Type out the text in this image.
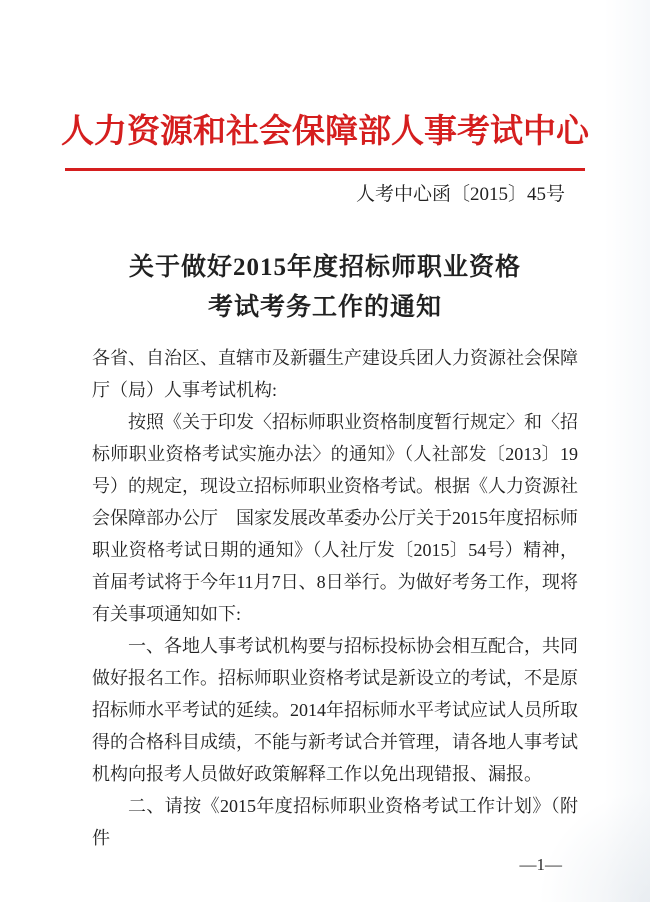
人力资源和社会保障部人事考试中心
人考中心函〔2015〕45号
关于做好2015年度招标师职业资格
考试考务工作的通知

各省、自治区、直辖市及新疆生产建设兵团人力资源社会保障厅（局）人事考试机构:

按照《关于印发〈招标师职业资格制度暂行规定〉和〈招标师职业资格考试实施办法〉的通知》（人社部发〔2013〕19号）的规定，现设立招标师职业资格考试。根据《人力资源社会保障部办公厅　国家发展改革委办公厅关于2015年度招标师职业资格考试日期的通知》（人社厅发〔2015〕54号）精神，首届考试将于今年11月7日、8日举行。为做好考务工作，现将有关事项通知如下:

一、各地人事考试机构要与招标投标协会相互配合，共同做好报名工作。招标师职业资格考试是新设立的考试，不是原招标师水平考试的延续。2014年招标师水平考试应试人员所取得的合格科目成绩，不能与新考试合并管理，请各地人事考试机构向报考人员做好政策解释工作以免出现错报、漏报。

二、请按《2015年度招标师职业资格考试工作计划》（附件

—1—
